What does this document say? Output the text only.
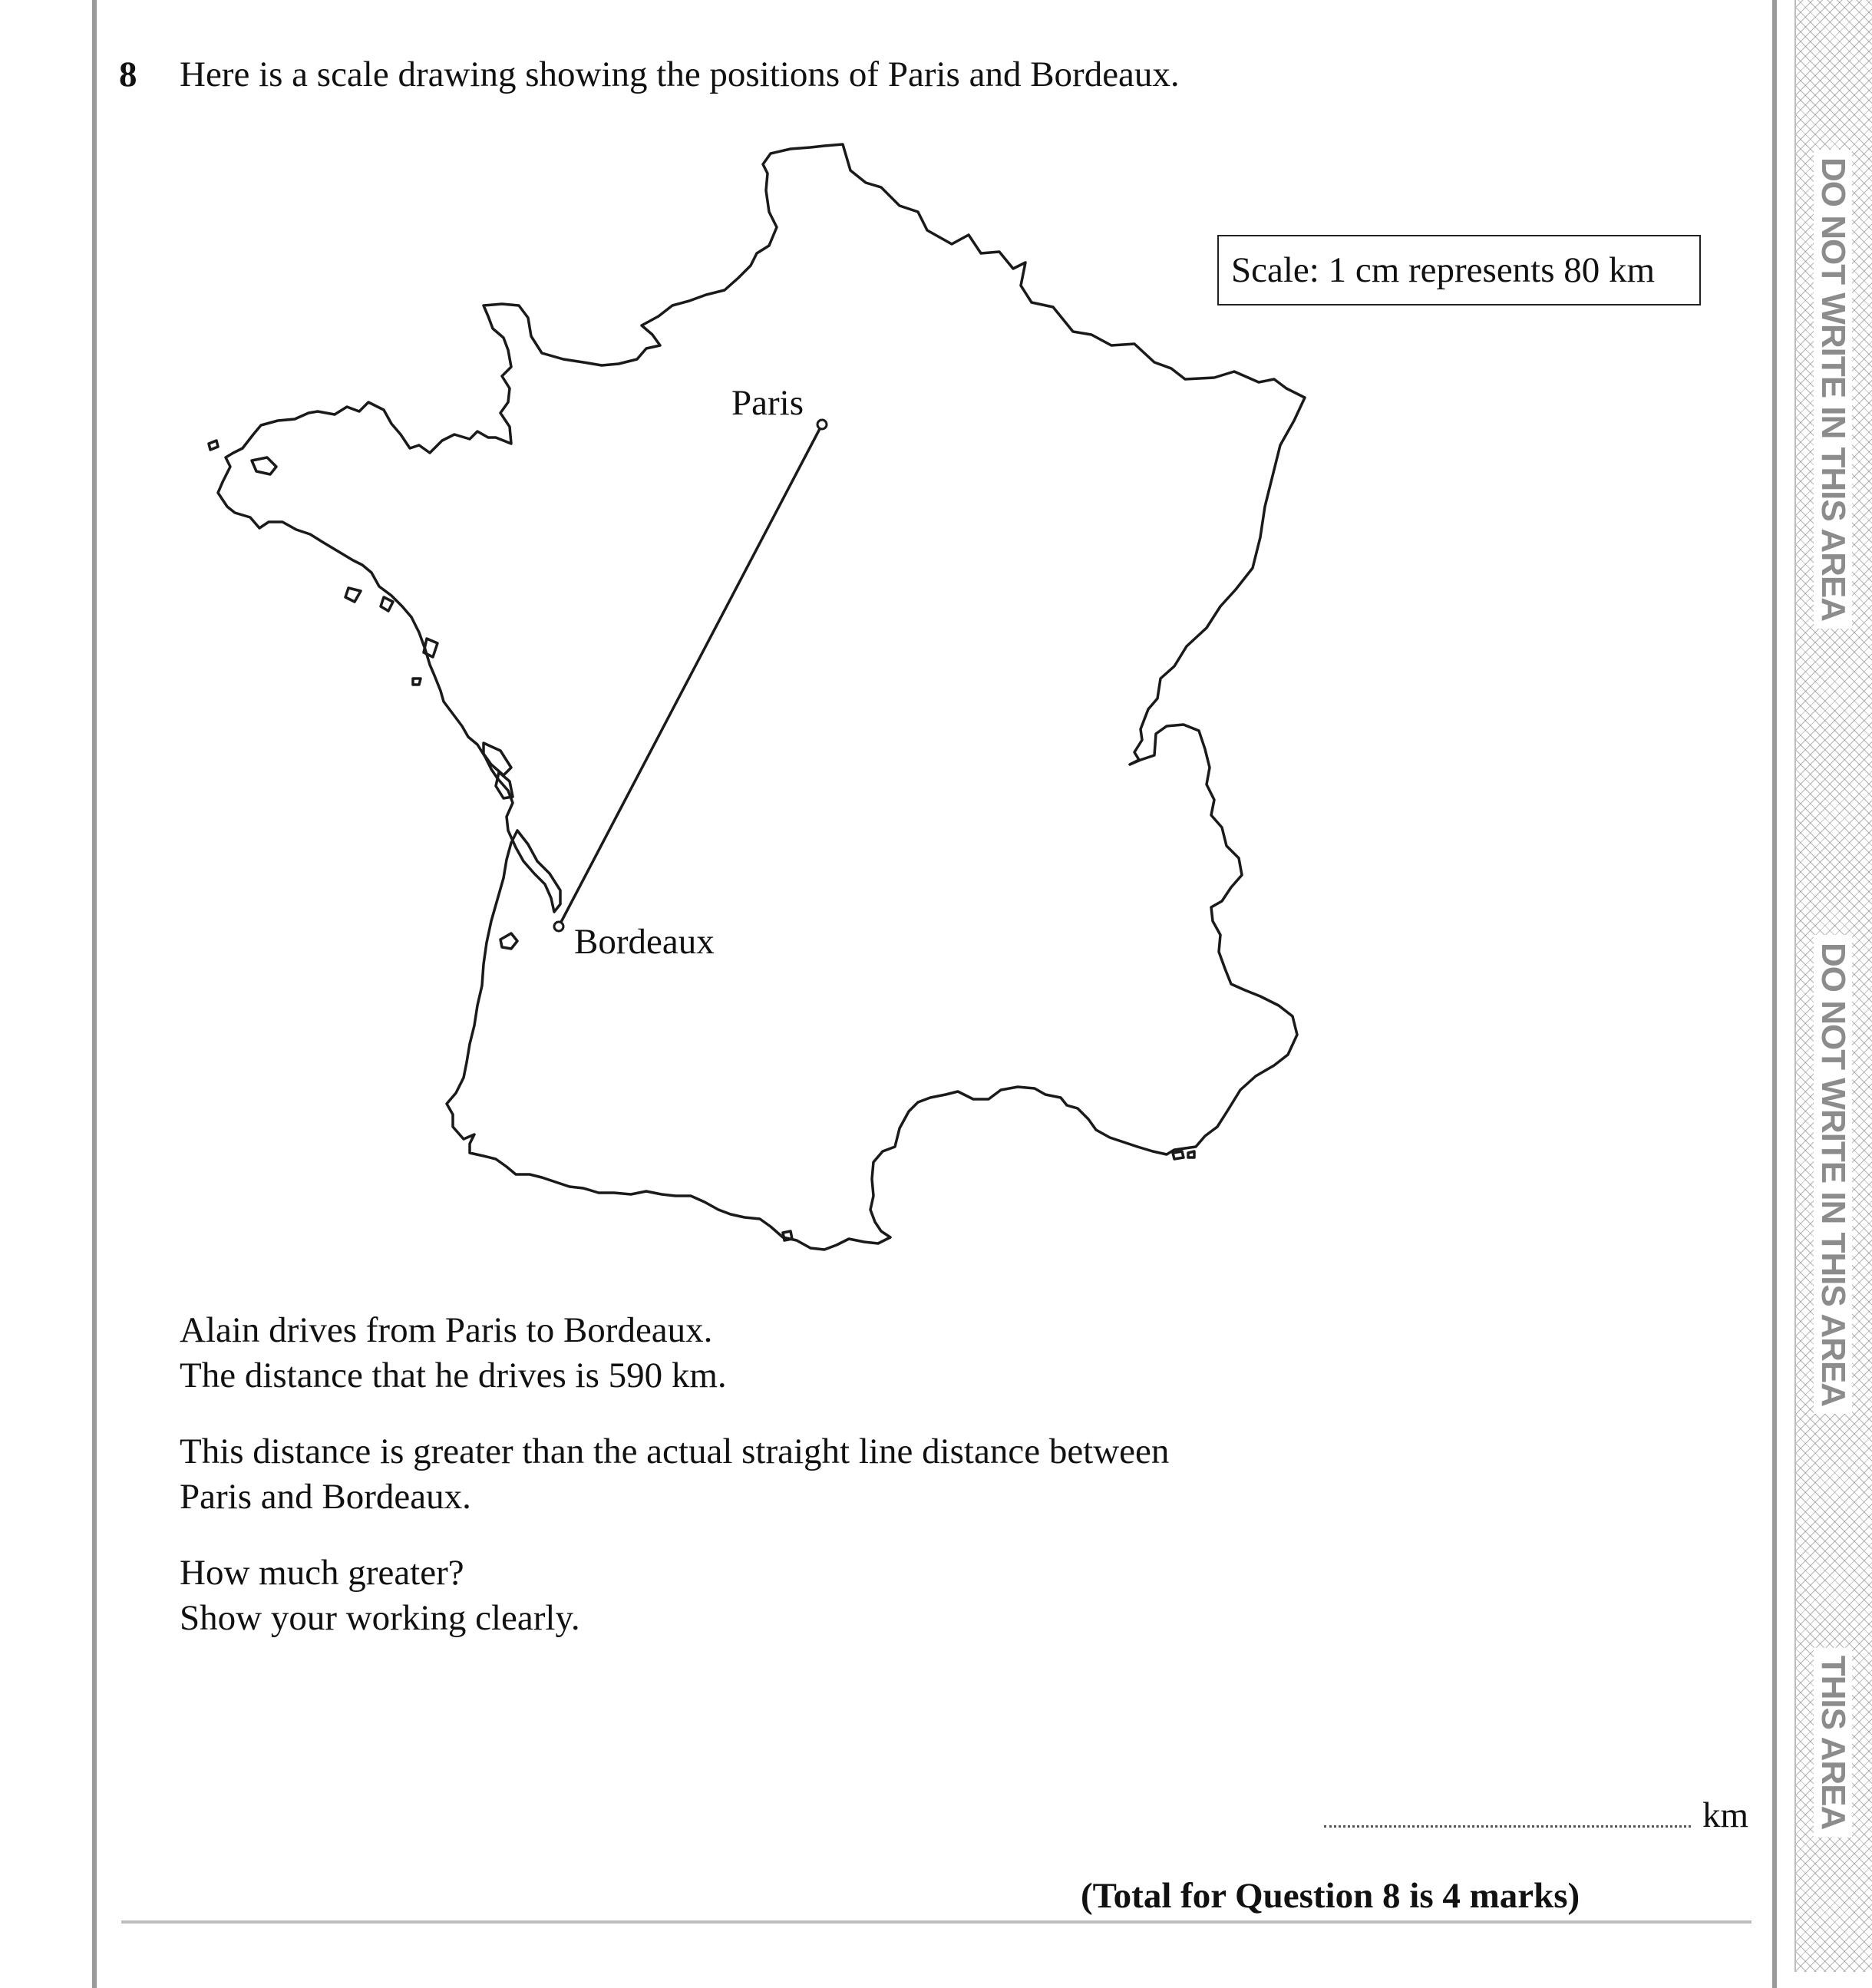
DO NOT WRITE IN THIS AREA
DO NOT WRITE IN THIS AREA
THIS AREA
8 Here is a scale drawing showing the positions of Paris and Bordeaux.
Scale: 1 cm represents 80 km
Paris
Bordeaux
Alain drives from Paris to Bordeaux.
The distance that he drives is 590 km.
This distance is greater than the actual straight line distance between
Paris and Bordeaux.
How much greater?
Show your working clearly.
km
(Total for Question 8 is 4 marks)
